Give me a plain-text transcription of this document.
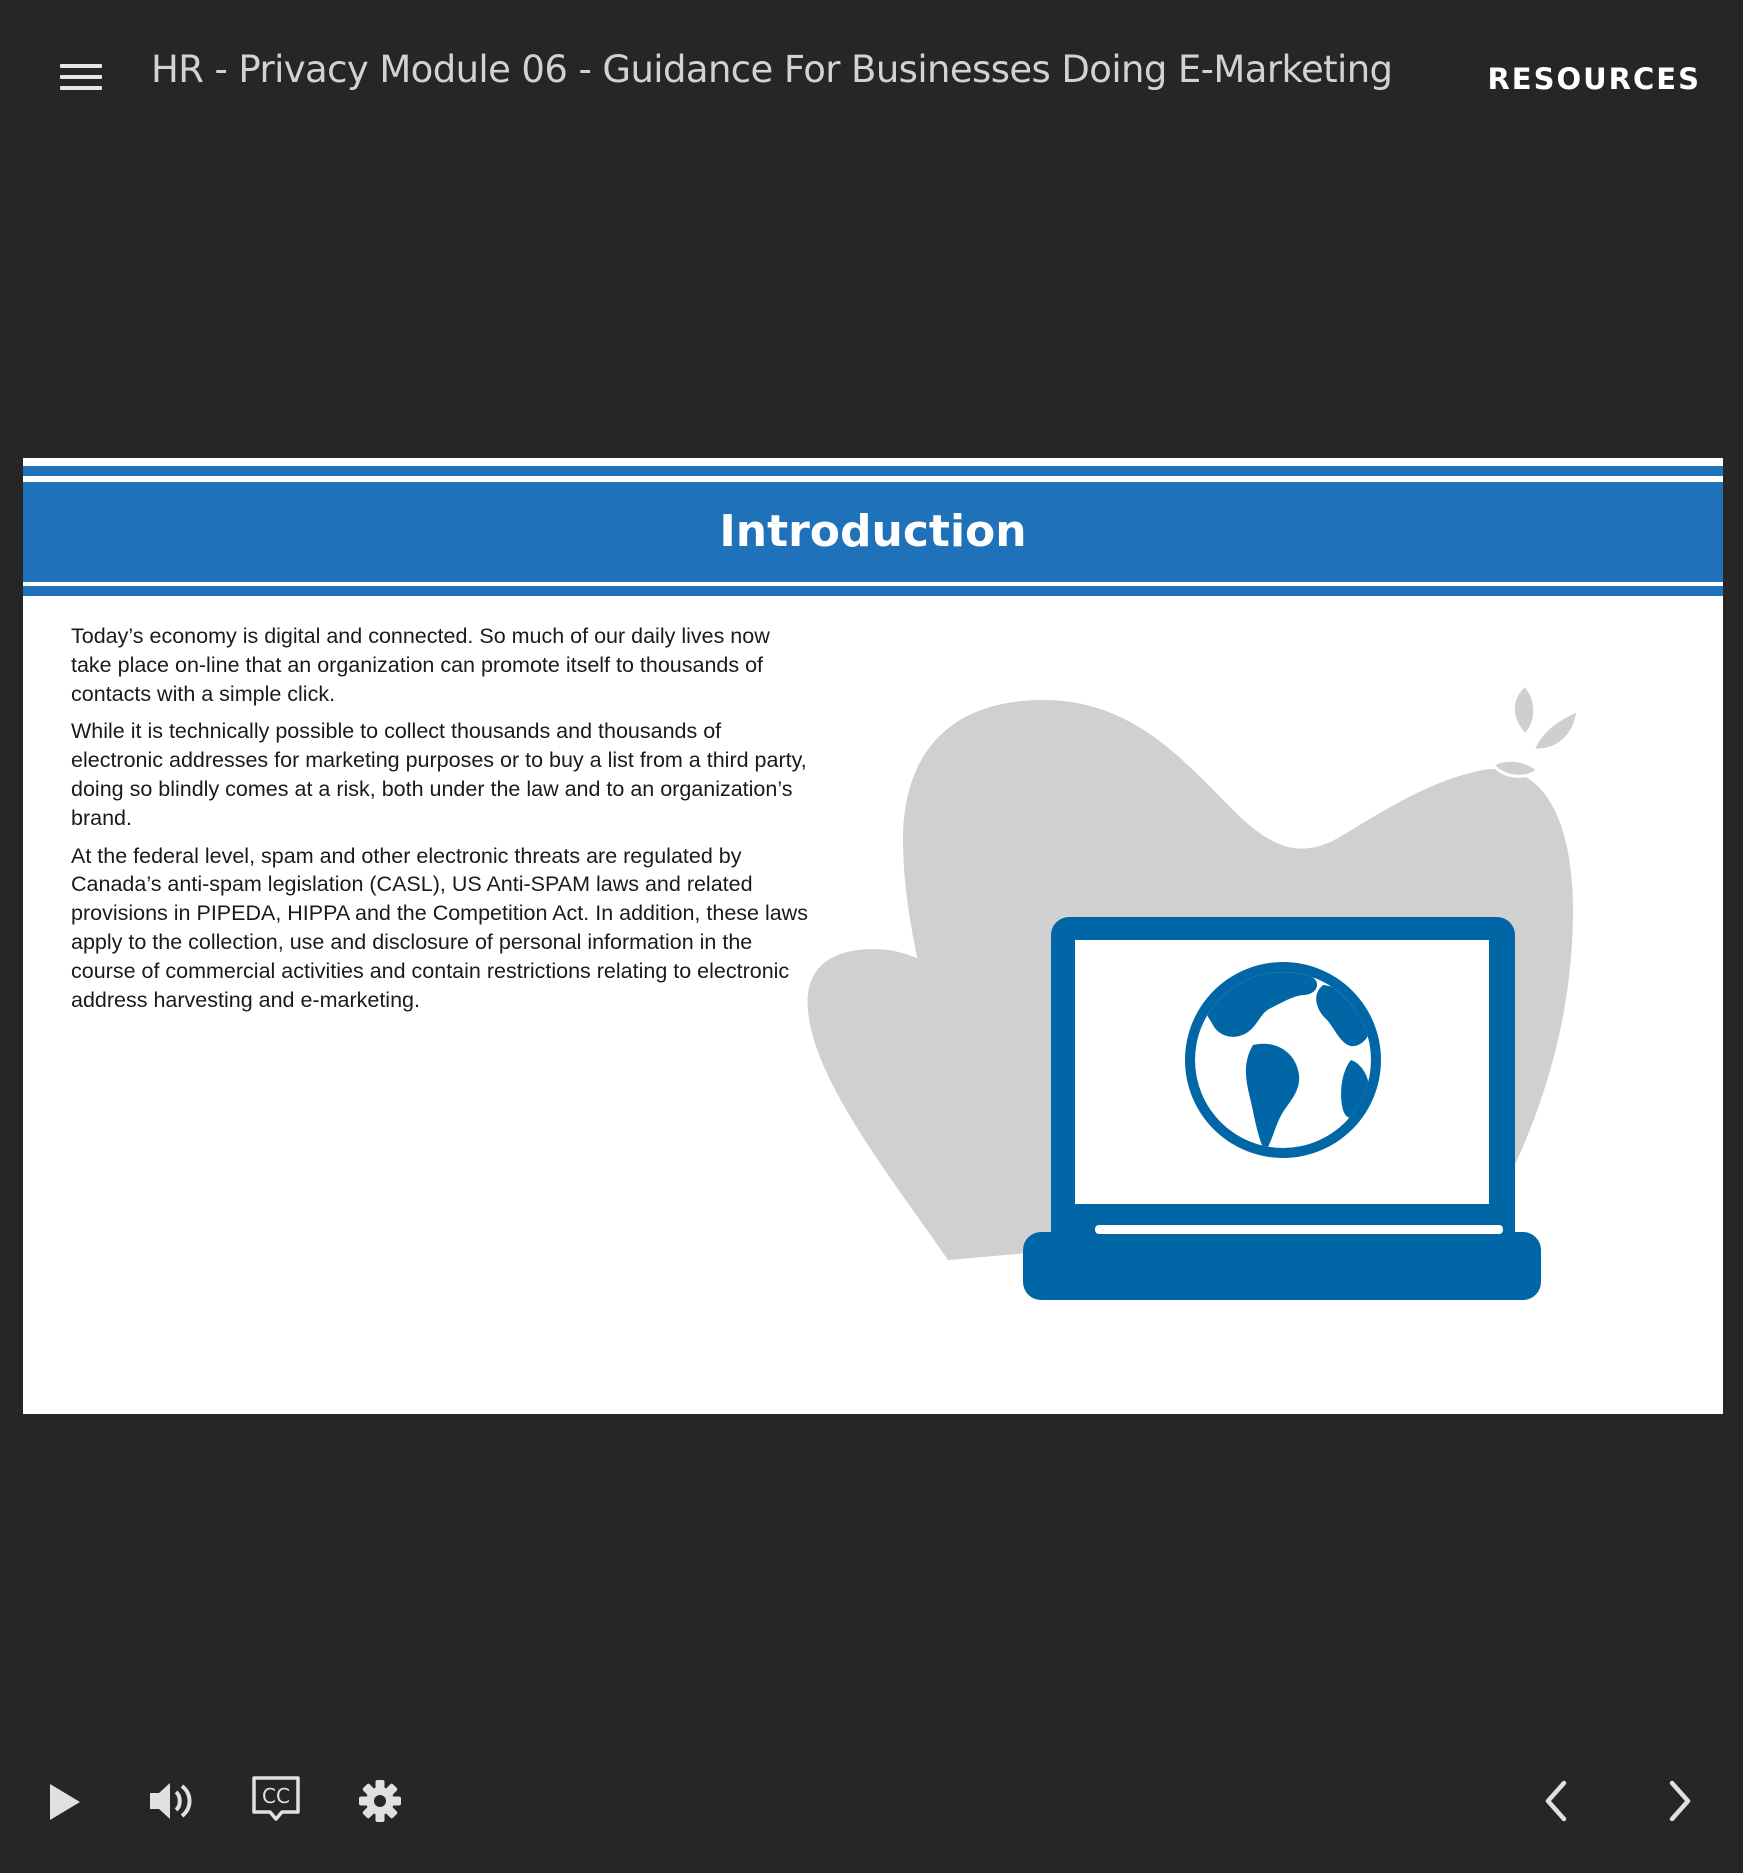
HR - Privacy Module 06 - Guidance For Businesses Doing E-Marketing	RESOURCES
Introduction

Today’s economy is digital and connected. So much of our daily lives now take place on-line that an organization can promote itself to thousands of contacts with a simple click.

While it is technically possible to collect thousands and thousands of electronic addresses for marketing purposes or to buy a list from a third party, doing so blindly comes at a risk, both under the law and to an organization’s brand.

At the federal level, spam and other electronic threats are regulated by Canada’s anti-spam legislation (CASL), US Anti-SPAM laws and related provisions in PIPEDA, HIPPA and the Competition Act. In addition, these laws apply to the collection, use and disclosure of personal information in the course of commercial activities and contain restrictions relating to electronic address harvesting and e-marketing.

CC
